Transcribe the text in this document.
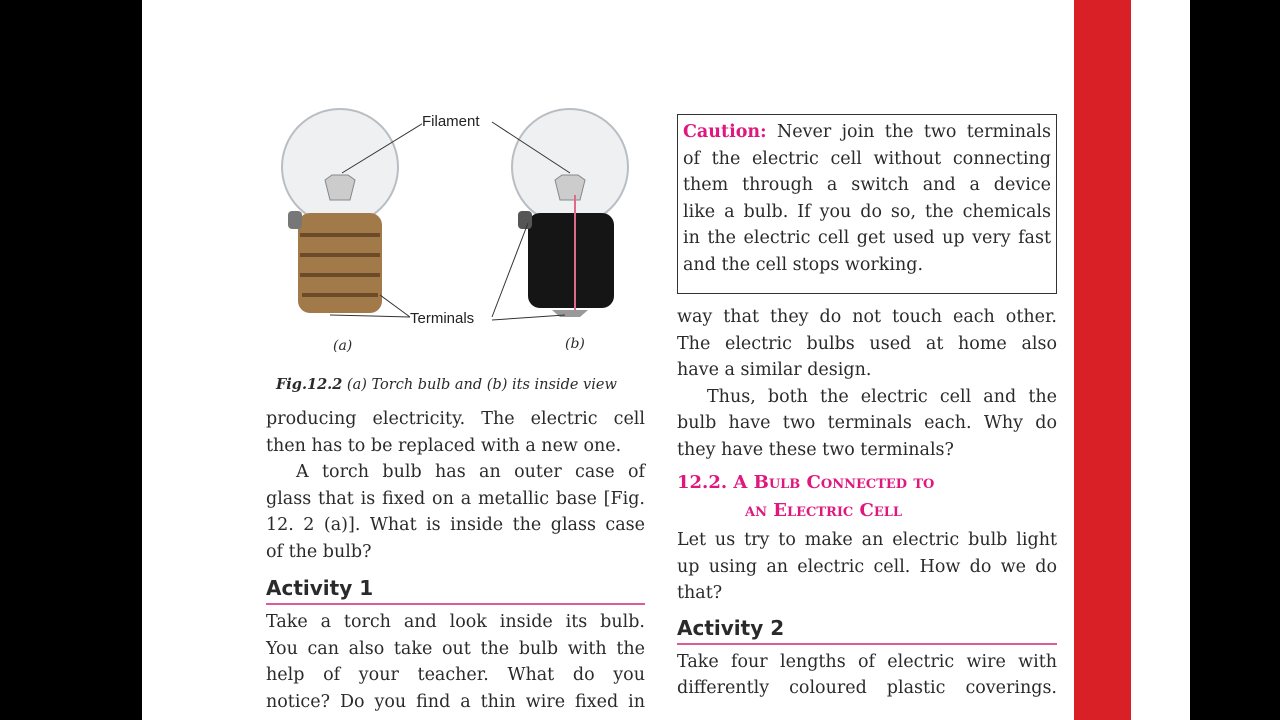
Filament
Terminals
(a)	(b)
Fig.12.2 (a) Torch bulb and (b) its inside view
producing electricity. The electric cell
then has to be replaced with a new one.
A torch bulb has an outer case of
glass that is fixed on a metallic base [Fig.
12. 2 (a)]. What is inside the glass case
of the bulb?
Activity 1
Take a torch and look inside its bulb.
You can also take out the bulb with the
help of your teacher. What do you
notice? Do you find a thin wire fixed in
Caution: Never join the two terminals
of the electric cell without connecting
them through a switch and a device
like a bulb. If you do so, the chemicals
in the electric cell get used up very fast
and the cell stops working.
way that they do not touch each other.
The electric bulbs used at home also
have a similar design.
Thus, both the electric cell and the
bulb have two terminals each. Why do
they have these two terminals?
12.2. A Bulb Connected to
an Electric Cell
Let us try to make an electric bulb light
up using an electric cell. How do we do
that?
Activity 2
Take four lengths of electric wire with
differently coloured plastic coverings.
